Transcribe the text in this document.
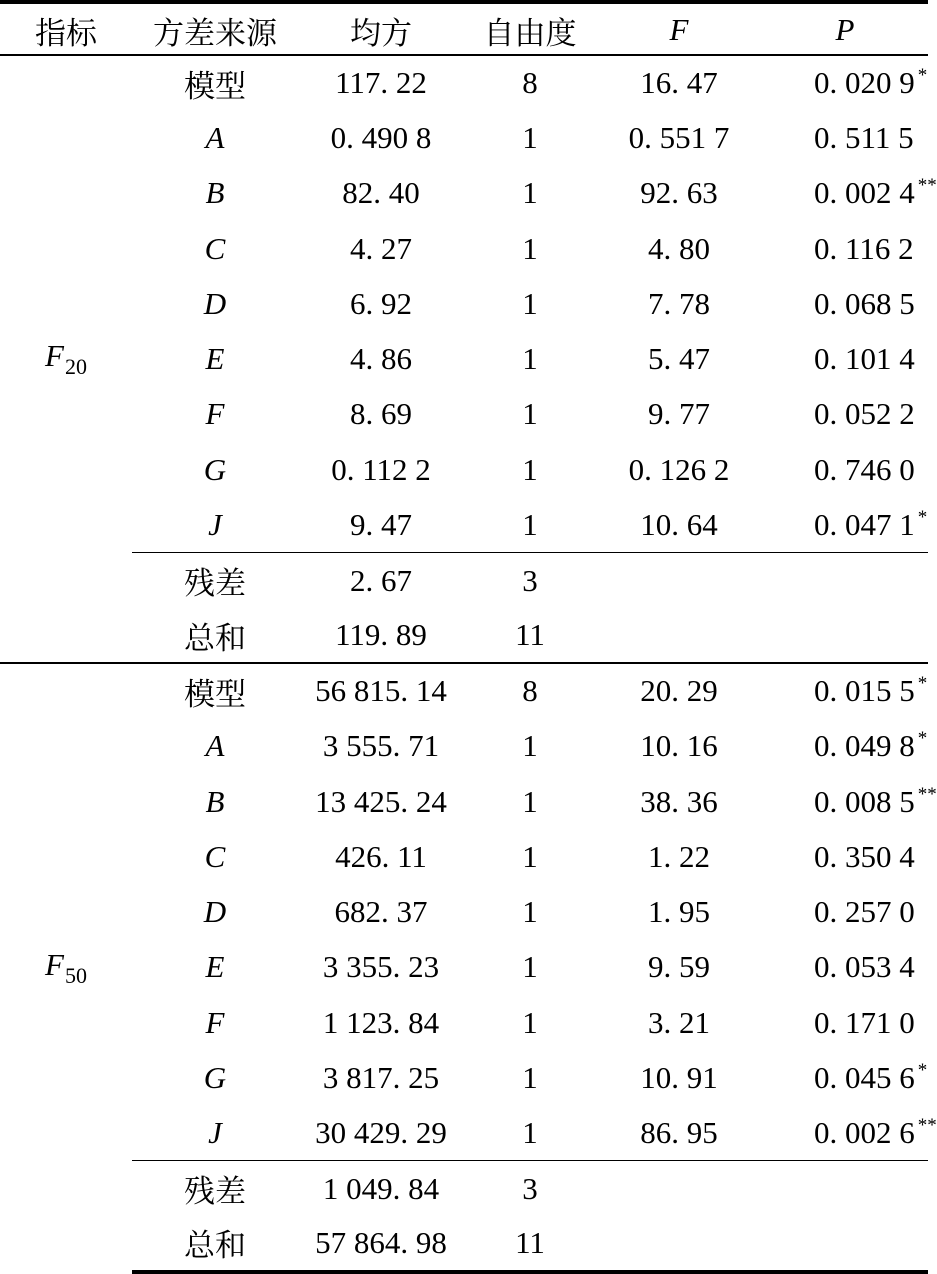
指标	方差来源	均方	自由度	F	P
$F_{20}$	模型	117. 22	8	16. 47	0. 020 9 *
	A	0. 490 8	1	0. 551 7	0. 511 5
	B	82. 40	1	92. 63	0. 002 4 **
	C	4. 27	1	4. 80	0. 116 2
	D	6. 92	1	7. 78	0. 068 5
	E	4. 86	1	5. 47	0. 101 4
	F	8. 69	1	9. 77	0. 052 2
	G	0. 112 2	1	0. 126 2	0. 746 0
	J	9. 47	1	10. 64	0. 047 1 *
	残差	2. 67	3		
	总和	119. 89	11		
$F_{50}$	模型	56 815. 14	8	20. 29	0. 015 5 *
	A	3 555. 71	1	10. 16	0. 049 8 *
	B	13 425. 24	1	38. 36	0. 008 5 **
	C	426. 11	1	1. 22	0. 350 4
	D	682. 37	1	1. 95	0. 257 0
	E	3 355. 23	1	9. 59	0. 053 4
	F	1 123. 84	1	3. 21	0. 171 0
	G	3 817. 25	1	10. 91	0. 045 6 *
	J	30 429. 29	1	86. 95	0. 002 6 **
	残差	1 049. 84	3		
	总和	57 864. 98	11		
